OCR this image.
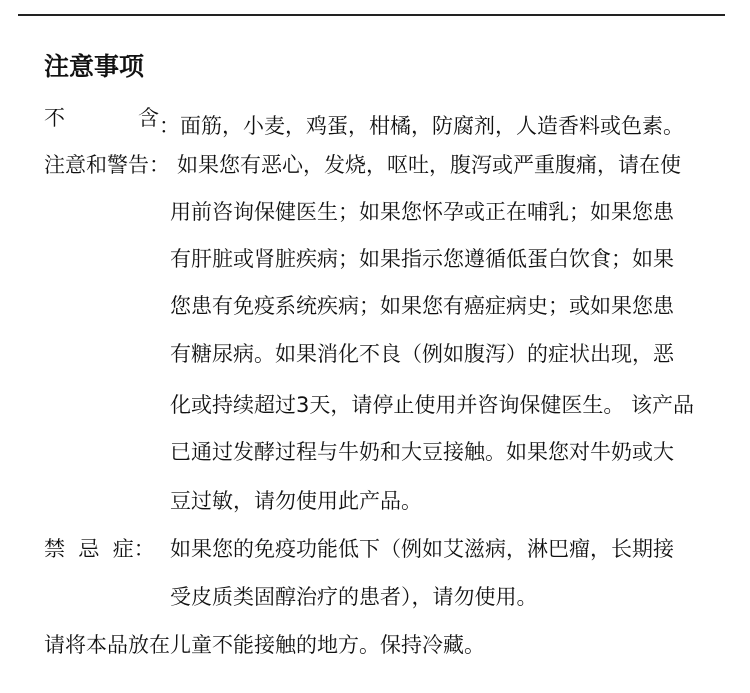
注意事项
不	含 ：面筋，小麦，鸡蛋，柑橘，防腐剂，人造香料或色素。
注意和警告： 如果您有恶心，发烧，呕吐，腹泻或严重腹痛，请在使
用前咨询保健医生；如果您怀孕或正在哺乳；如果您患
有肝脏或肾脏疾病；如果指示您遵循低蛋白饮食；如果
您患有免疫系统疾病；如果您有癌症病史；或如果您患
有糖尿病。如果消化不良（例如腹泻）的症状出现，恶
化或持续超过3天，请停止使用并咨询保健医生。 该产品
已通过发酵过程与牛奶和大豆接触。如果您对牛奶或大
豆过敏，请勿使用此产品。
禁  忌  症： 如果您的免疫功能低下（例如艾滋病，淋巴瘤，长期接
受皮质类固醇治疗的患者），请勿使用。
请将本品放在儿童不能接触的地方。保持冷藏。
